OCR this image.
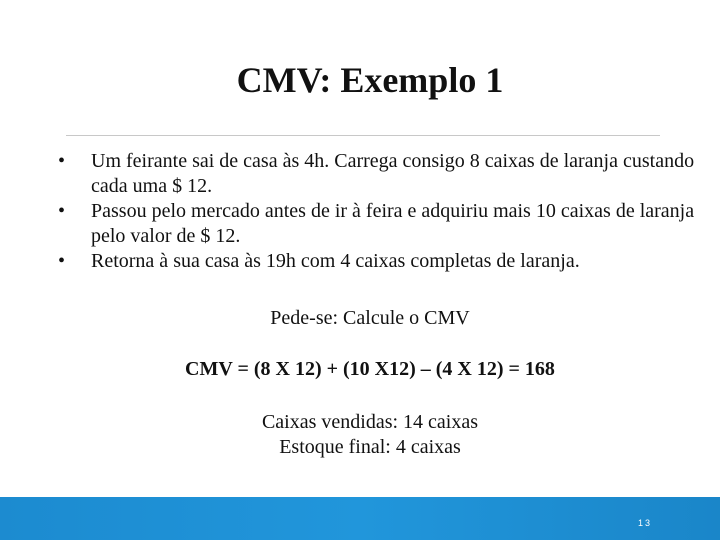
CMV: Exemplo 1
• Um feirante sai de casa às 4h. Carrega consigo 8 caixas de laranja custando cada uma $ 12.
• Passou pelo mercado antes de ir à feira e adquiriu mais 10 caixas de laranja pelo valor de $ 12.
• Retorna à sua casa às 19h com 4 caixas completas de laranja.
Pede-se: Calcule o CMV
CMV = (8 X 12) + (10 X12) – (4 X 12) = 168
Caixas vendidas: 14 caixas
Estoque final: 4 caixas
13
